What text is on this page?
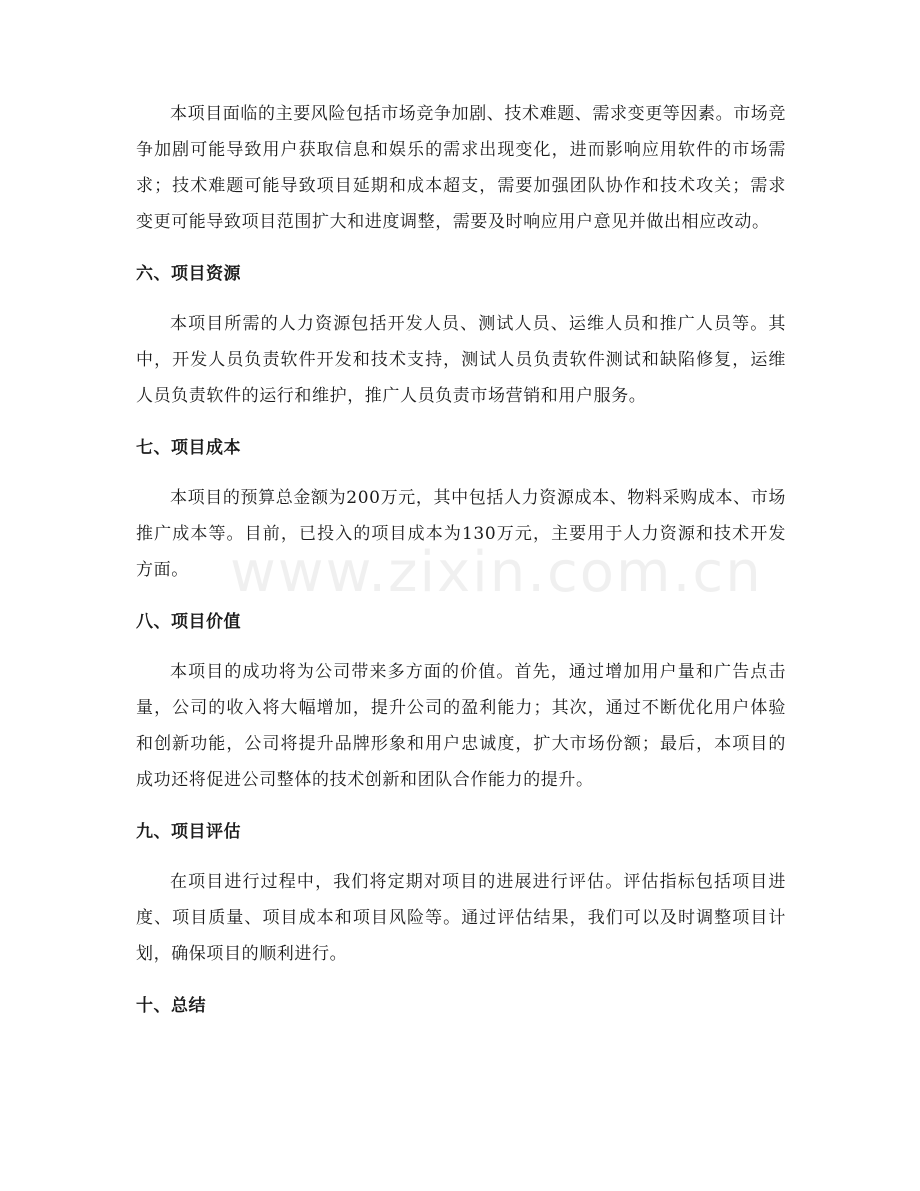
www.zixin.com.cn

本项目面临的主要风险包括市场竞争加剧、技术难题、需求变更等因素。市场竞争加剧可能导致用户获取信息和娱乐的需求出现变化，进而影响应用软件的市场需求；技术难题可能导致项目延期和成本超支，需要加强团队协作和技术攻关；需求变更可能导致项目范围扩大和进度调整，需要及时响应用户意见并做出相应改动。

六、项目资源

本项目所需的人力资源包括开发人员、测试人员、运维人员和推广人员等。其中，开发人员负责软件开发和技术支持，测试人员负责软件测试和缺陷修复，运维人员负责软件的运行和维护，推广人员负责市场营销和用户服务。

七、项目成本

本项目的预算总金额为200万元，其中包括人力资源成本、物料采购成本、市场推广成本等。目前，已投入的项目成本为130万元，主要用于人力资源和技术开发方面。

八、项目价值

本项目的成功将为公司带来多方面的价值。首先，通过增加用户量和广告点击量，公司的收入将大幅增加，提升公司的盈利能力；其次，通过不断优化用户体验和创新功能，公司将提升品牌形象和用户忠诚度，扩大市场份额；最后，本项目的成功还将促进公司整体的技术创新和团队合作能力的提升。

九、项目评估

在项目进行过程中，我们将定期对项目的进展进行评估。评估指标包括项目进度、项目质量、项目成本和项目风险等。通过评估结果，我们可以及时调整项目计划，确保项目的顺利进行。

十、总结
